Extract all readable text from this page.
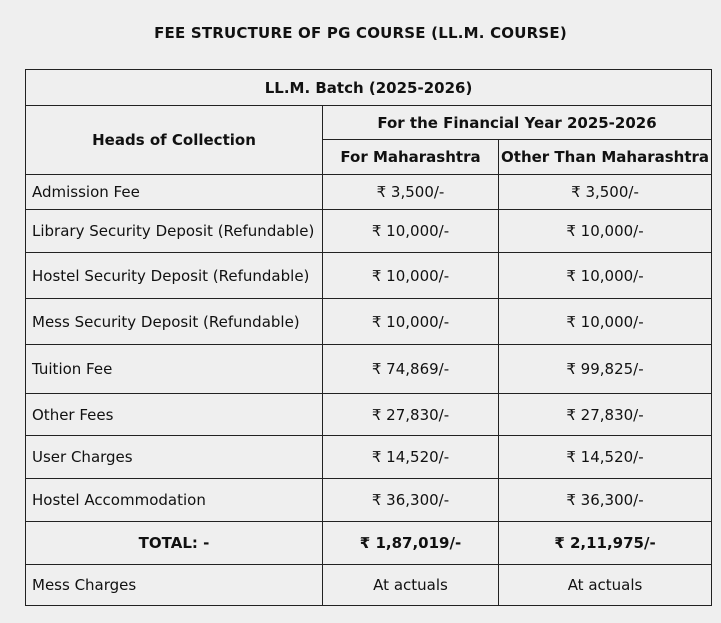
FEE STRUCTURE OF PG COURSE (LL.M. COURSE)
LL.M. Batch (2025-2026)		
Heads of Collection	For the Financial Year 2025-2026	
	For Maharashtra	Other Than Maharashtra
Admission Fee	₹ 3,500/-	₹ 3,500/-
Library Security Deposit (Refundable)	₹ 10,000/-	₹ 10,000/-
Hostel Security Deposit (Refundable)	₹ 10,000/-	₹ 10,000/-
Mess Security Deposit (Refundable)	₹ 10,000/-	₹ 10,000/-
Tuition Fee	₹ 74,869/-	₹ 99,825/-
Other Fees	₹ 27,830/-	₹ 27,830/-
User Charges	₹ 14,520/-	₹ 14,520/-
Hostel Accommodation	₹ 36,300/-	₹ 36,300/-
TOTAL: -	₹ 1,87,019/-	₹ 2,11,975/-
Mess Charges	At actuals	At actuals
